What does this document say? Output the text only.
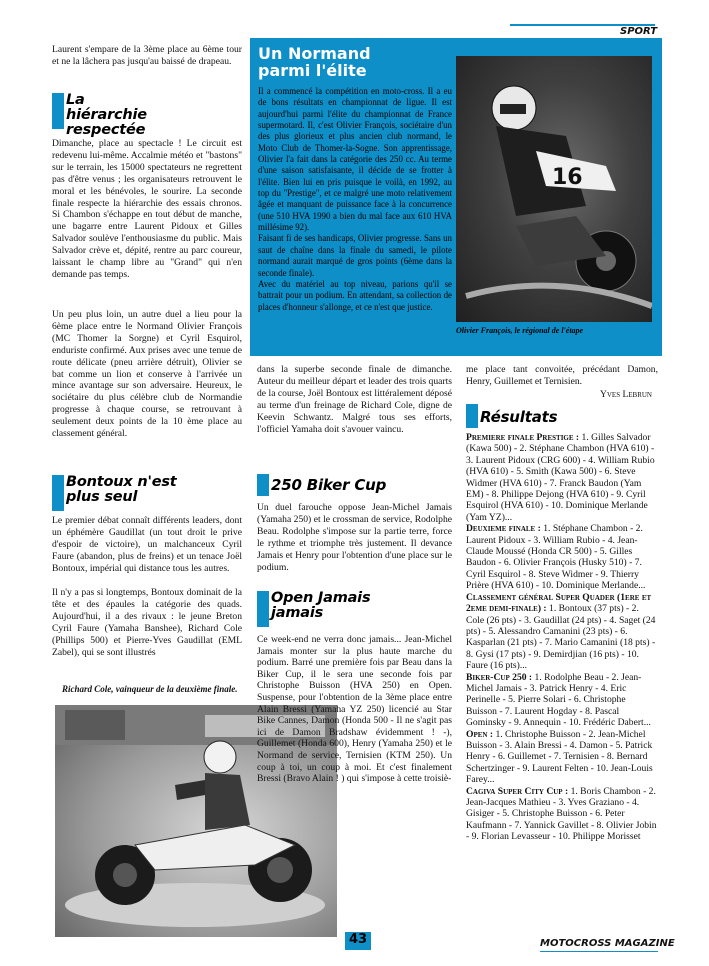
SPORT
Laurent s'empare de la 3ème place au 6ème tour et ne la lâchera pas jusqu'au baissé de drapeau.
La hiérarchie respectée
Dimanche, place au spectacle ! Le circuit est redevenu lui-même. Accalmie météo et "bastons" sur le terrain, les 15000 spectateurs ne regrettent pas d'être venus ; les organisateurs retrouvent le moral et les bénévoles, le sourire. La seconde finale respecte la hiérarchie des essais chronos. Si Chambon s'échappe en tout début de manche, une bagarre entre Laurent Pidoux et Gilles Salvador soulève l'enthousiasme du public. Mais Salvador crève et, dépité, rentre au parc coureur, laissant le champ libre au "Grand" qui n'en demande pas temps.
Un peu plus loin, un autre duel a lieu pour la 6ème place entre le Normand Olivier François (MC Thomer la Sorgne) et Cyril Esquirol, enduriste confirmé. Aux prises avec une tenue de route délicate (pneu arrière détruit), Olivier se bat comme un lion et conserve à l'arrivée un mince avantage sur son adversaire. Heureux, le sociétaire du plus célèbre club de Normandie progresse à chaque course, se retrouvant à seulement deux points de la 10 ème place au classement général.
Bontoux n'est plus seul
Le premier débat connaît différents leaders, dont un éphémère Gaudillat (un tout droit le prive d'espoir de victoire), un malchanceux Cyril Faure (abandon, plus de freins) et un tenace Joël Bontoux, impérial qui distance tous les autres.
Il n'y a pas si longtemps, Bontoux dominait de la tête et des épaules la catégorie des quads. Aujourd'hui, il a des rivaux : le jeune Breton Cyril Faure (Yamaha Banshee), Richard Cole (Phillips 500) et Pierre-Yves Gaudillat (EML Zabel), qui se sont illustrés
Richard Cole, vainqueur de la deuxième finale.
Un Normand parmi l'élite

Il a commencé la compétition en moto-cross. Il a eu de bons résultats en championnat de ligue. Il est aujourd'hui parmi l'élite du championnat de France supermotard. Il, c'est Olivier François, sociétaire d'un des plus glorieux et plus ancien club normand, le Moto Club de Thomer-la-Sogne. Son apprentissage, Olivier l'a fait dans la catégorie des 250 cc. Au terme d'une saison satisfaisante, il décide de se frotter à l'élite. Bien lui en pris puisque le voilà, en 1992, au top du "Prestige", et ce malgré une moto relativement âgée et manquant de puissance face à la concurrence (une 510 HVA 1990 a bien du mal face aux 610 HVA millésime 92).

Faisant fi de ses handicaps, Olivier progresse. Sans un saut de chaîne dans la finale du samedi, le pilote normand aurait marqué de gros points (6ème dans la seconde finale).

Avec du matériel au top niveau, parions qu'il se battrait pour un podium. En attendant, sa collection de places d'honneur s'allonge, et ce n'est que justice.

16
Olivier François, le régional de l'étape
dans la superbe seconde finale de dimanche. Auteur du meilleur départ et leader des trois quarts de la course, Joël Bontoux est littéralement déposé au terme d'un freinage de Richard Cole, digne de Keevin Schwantz. Malgré tous ses efforts, l'officiel Yamaha doit s'avouer vaincu.
250 Biker Cup
Un duel farouche oppose Jean-Michel Jamais (Yamaha 250) et le crossman de service, Rodolphe Beau. Rodolphe s'impose sur la partie terre, force le rythme et triomphe très justement. Il devance Jamais et Henry pour l'obtention d'une place sur le podium.
Open Jamais jamais
Ce week-end ne verra donc jamais... Jean-Michel Jamais monter sur la plus haute marche du podium. Barré une première fois par Beau dans la Biker Cup, il le sera une seconde fois par Christophe Buisson (HVA 250) en Open. Suspense, pour l'obtention de la 3ème place entre Alain Bressi (Yamaha YZ 250) licencié au Star Bike Cannes, Damon (Honda 500 - Il ne s'agit pas ici de Damon Bradshaw évidemment ! -), Guillemet (Honda 600), Henry (Yamaha 250) et le Normand de service, Ternisien (KTM 250). Un coup à toi, un coup à moi. Et c'est finalement Bressi (Bravo Alain ! ) qui s'impose à cette troisiè-
me place tant convoitée, précédant Damon, Henry, Guillemet et Ternisien.
Yves Lebrun
Résultats

Premiere finale Prestige : 1. Gilles Salvador (Kawa 500) - 2. Stéphane Chambon (HVA 610) - 3. Laurent Pidoux (CRG 600) - 4. William Rubio (HVA 610) - 5. Smith (Kawa 500) - 6. Steve Widmer (HVA 610) - 7. Franck Baudon (Yam EM) - 8. Philippe Dejong (HVA 610) - 9. Cyril Esquirol (HVA 610) - 10. Dominique Merlande (Yam YZ)...

Deuxieme finale : 1. Stéphane Chambon - 2. Laurent Pidoux - 3. William Rubio - 4. Jean-Claude Moussé (Honda CR 500) - 5. Gilles Baudon - 6. Olivier François (Husky 510) - 7. Cyril Esquirol - 8. Steve Widmer - 9. Thierry Prière (HVA 610) - 10. Dominique Merlande...

Classement général Super Quader (1ere et 2eme demi-finale) : 1. Bontoux (37 pts) - 2. Cole (26 pts) - 3. Gaudillat (24 pts) - 4. Saget (24 pts) - 5. Alessandro Camanini (23 pts) - 6. Kasparlan (21 pts) - 7. Mario Camanini (18 pts) - 8. Gysi (17 pts) - 9. Demirdjian (16 pts) - 10. Faure (16 pts)...

Biker-Cup 250 : 1. Rodolphe Beau - 2. Jean-Michel Jamais - 3. Patrick Henry - 4. Eric Perinelle - 5. Pierre Solari - 6. Christophe Buisson - 7. Laurent Hogday - 8. Pascal Gominsky - 9. Annequin - 10. Frédéric Dabert...

Open : 1. Christophe Buisson - 2. Jean-Michel Buisson - 3. Alain Bressi - 4. Damon - 5. Patrick Henry - 6. Guillemet - 7. Ternisien - 8. Bernard Schertzinger - 9. Laurent Felten - 10. Jean-Louis Farey...

Cagiva Super City Cup : 1. Boris Chambon - 2. Jean-Jacques Mathieu - 3. Yves Graziano - 4. Gisiger - 5. Christophe Buisson - 6. Peter Kaufmann - 7. Yannick Gavillet - 8. Olivier Jobin - 9. Florian Levasseur - 10. Philippe Morisset

43	MOTOCROSS MAGAZINE
